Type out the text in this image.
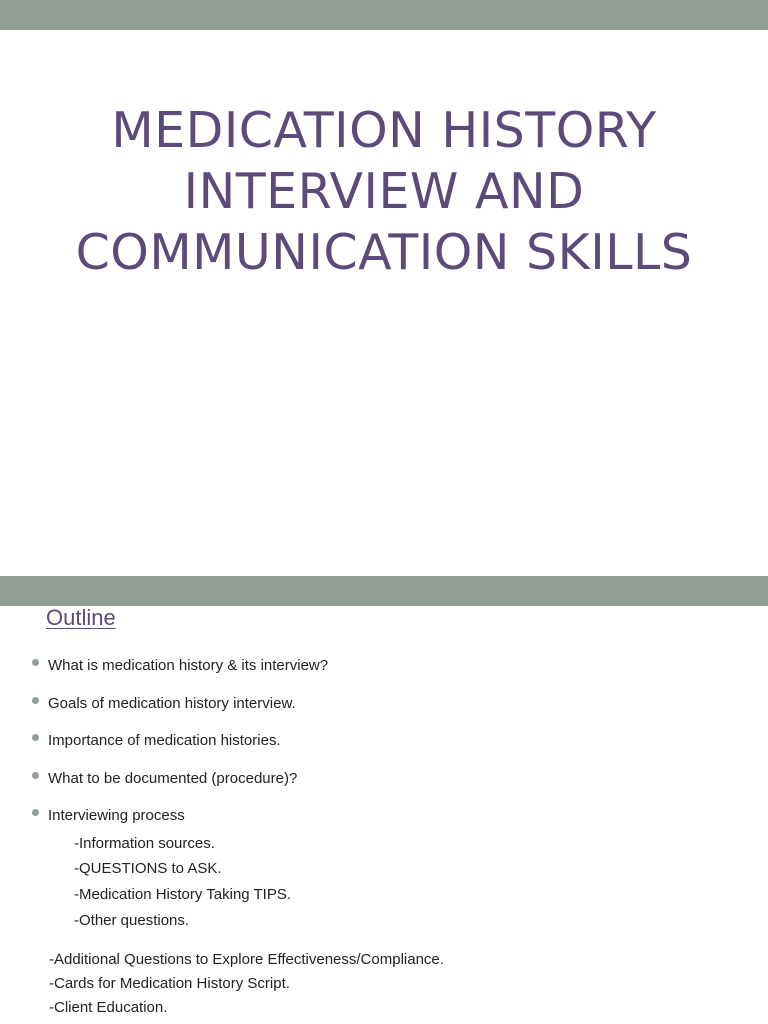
MEDICATION HISTORY
INTERVIEW AND
COMMUNICATION SKILLS
Outline
What is medication history & its interview?
Goals of medication history interview.
Importance of medication histories.
What to be documented (procedure)?
Interviewing process
-Information sources.
-QUESTIONS to ASK.
-Medication History Taking TIPS.
-Other questions.
-Additional Questions to Explore Effectiveness/Compliance.
-Cards for Medication History Script.
-Client Education.
